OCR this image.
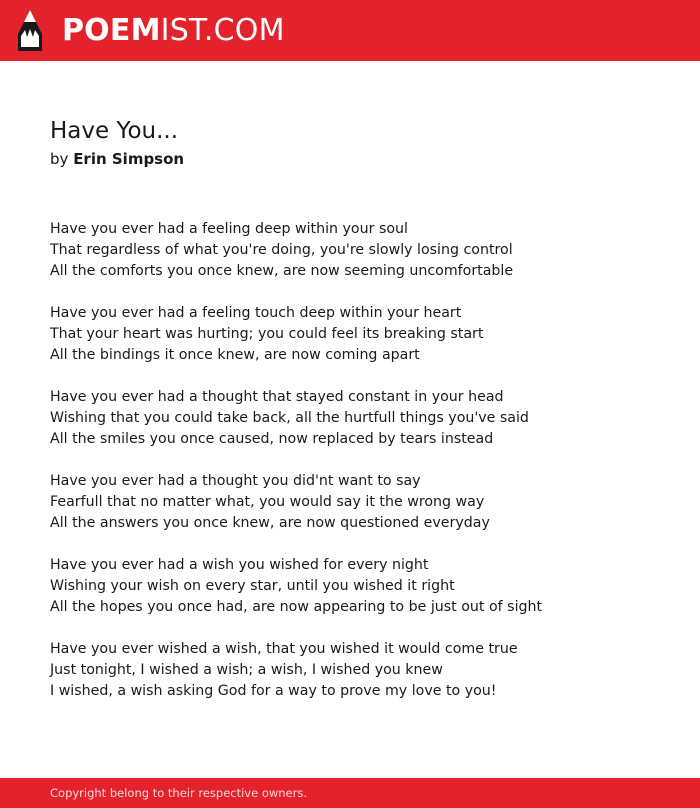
POEMIST.COM
Have You...
by Erin Simpson
Have you ever had a feeling deep within your soul
That regardless of what you're doing, you're slowly losing control
All the comforts you once knew, are now seeming uncomfortable
Have you ever had a feeling touch deep within your heart
That your heart was hurting; you could feel its breaking start
All the bindings it once knew, are now coming apart
Have you ever had a thought that stayed constant in your head
Wishing that you could take back, all the hurtfull things you've said
All the smiles you once caused, now replaced by tears instead
Have you ever had a thought you did'nt want to say
Fearfull that no matter what, you would say it the wrong way
All the answers you once knew, are now questioned everyday
Have you ever had a wish you wished for every night
Wishing your wish on every star, until you wished it right
All the hopes you once had, are now appearing to be just out of sight
Have you ever wished a wish, that you wished it would come true
Just tonight, I wished a wish; a wish, I wished you knew
I wished, a wish asking God for a way to prove my love to you!
Copyright belong to their respective owners.
